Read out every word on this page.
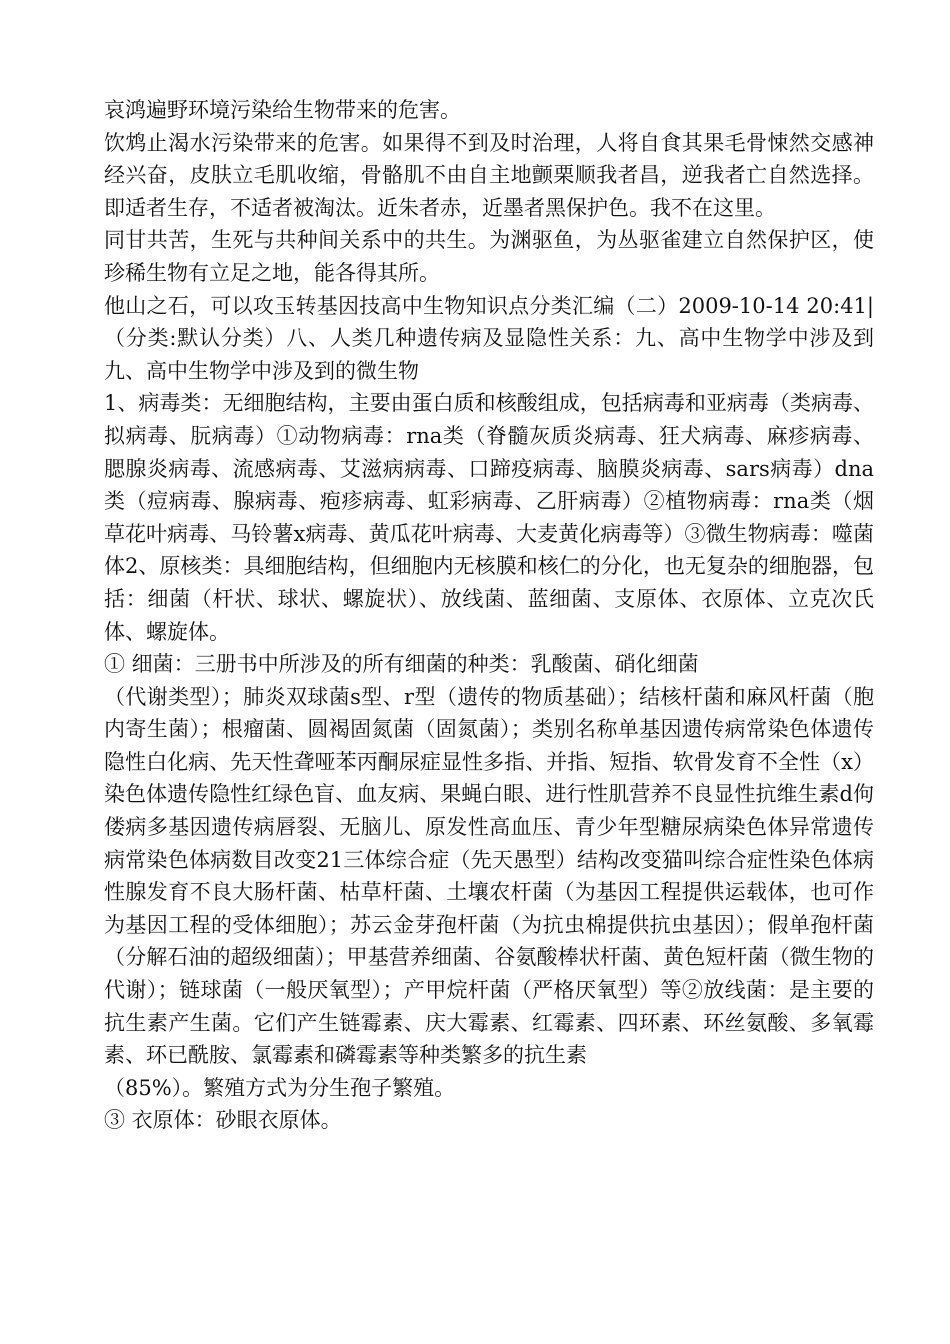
哀鸿遍野环境污染给生物带来的危害。

饮鸩止渴水污染带来的危害。如果得不到及时治理，人将自食其果毛骨悚然交感神经兴奋，皮肤立毛肌收缩，骨骼肌不由自主地颤栗顺我者昌，逆我者亡自然选择。即适者生存，不适者被淘汰。近朱者赤，近墨者黑保护色。我不在这里。

同甘共苦，生死与共种间关系中的共生。为渊驱鱼，为丛驱雀建立自然保护区，使珍稀生物有立足之地，能各得其所。

他山之石，可以攻玉转基因技高中生物知识点分类汇编（二）2009-10-14 20:41|（分类:默认分类）八、人类几种遗传病及显隐性关系：九、高中生物学中涉及到九、高中生物学中涉及到的微生物

1、病毒类：无细胞结构，主要由蛋白质和核酸组成，包括病毒和亚病毒（类病毒、拟病毒、朊病毒）①动物病毒：rna类（脊髓灰质炎病毒、狂犬病毒、麻疹病毒、腮腺炎病毒、流感病毒、艾滋病病毒、口蹄疫病毒、脑膜炎病毒、sars病毒）dna类（痘病毒、腺病毒、疱疹病毒、虹彩病毒、乙肝病毒）②植物病毒：rna类（烟草花叶病毒、马铃薯x病毒、黄瓜花叶病毒、大麦黄化病毒等）③微生物病毒：噬菌体2、原核类：具细胞结构，但细胞内无核膜和核仁的分化，也无复杂的细胞器，包括：细菌（杆状、球状、螺旋状）、放线菌、蓝细菌、支原体、衣原体、立克次氏体、螺旋体。

① 细菌：三册书中所涉及的所有细菌的种类：乳酸菌、硝化细菌

（代谢类型）；肺炎双球菌s型、r型（遗传的物质基础）；结核杆菌和麻风杆菌（胞内寄生菌）；根瘤菌、圆褐固氮菌（固氮菌）；类别名称单基因遗传病常染色体遗传隐性白化病、先天性聋哑苯丙酮尿症显性多指、并指、短指、软骨发育不全性（x）染色体遗传隐性红绿色盲、血友病、果蝇白眼、进行性肌营养不良显性抗维生素d佝偻病多基因遗传病唇裂、无脑儿、原发性高血压、青少年型糖尿病染色体异常遗传病常染色体病数目改变21三体综合症（先天愚型）结构改变猫叫综合症性染色体病性腺发育不良大肠杆菌、枯草杆菌、土壤农杆菌（为基因工程提供运载体，也可作为基因工程的受体细胞）；苏云金芽孢杆菌（为抗虫棉提供抗虫基因）；假单孢杆菌（分解石油的超级细菌）；甲基营养细菌、谷氨酸棒状杆菌、黄色短杆菌（微生物的代谢）；链球菌（一般厌氧型）；产甲烷杆菌（严格厌氧型）等②放线菌：是主要的抗生素产生菌。它们产生链霉素、庆大霉素、红霉素、四环素、环丝氨酸、多氧霉素、环已酰胺、氯霉素和磷霉素等种类繁多的抗生素

（85%）。繁殖方式为分生孢子繁殖。

③ 衣原体：砂眼衣原体。
